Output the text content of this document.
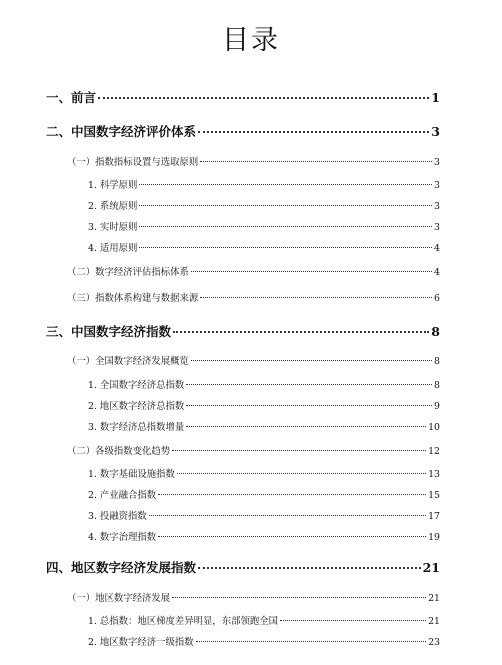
目录
一、前言	1
二、中国数字经济评价体系	3
（一）指数指标设置与选取原则	3
1. 科学原则	3
2. 系统原则	3
3. 实时原则	3
4. 适用原则	4
（二）数字经济评估指标体系	4
（三）指数体系构建与数据来源	6
三、中国数字经济指数	8
（一）全国数字经济发展概览	8
1. 全国数字经济总指数	8
2. 地区数字经济总指数	9
3. 数字经济总指数增量	10
（二）各级指数变化趋势	12
1. 数字基础设施指数	13
2. 产业融合指数	15
3. 投融资指数	17
4. 数字治理指数	19
四、地区数字经济发展指数	21
（一）地区数字经济发展	21
1. 总指数：地区梯度差异明显，东部领跑全国	21
2. 地区数字经济一级指数	23
